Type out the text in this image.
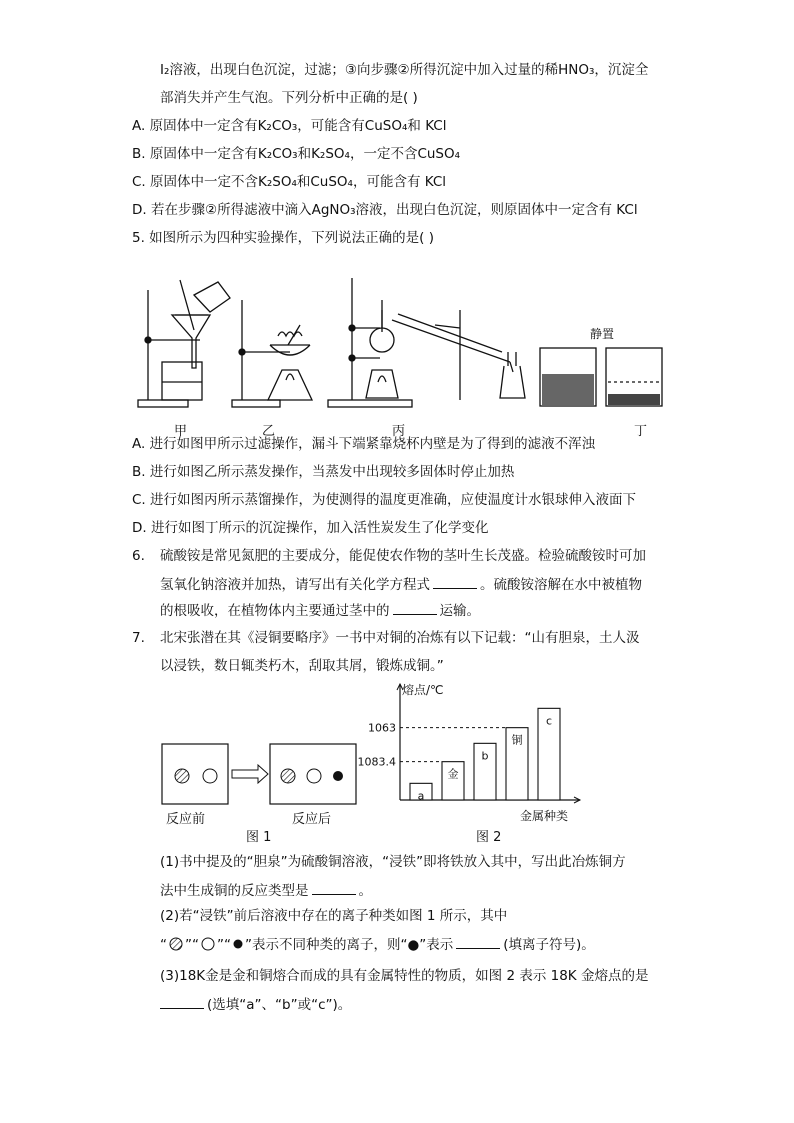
I₂溶液，出现白色沉淀，过滤；③向步骤②所得沉淀中加入过量的稀HNO₃，沉淀全
部消失并产生气泡。下列分析中正确的是( )
A. 原固体中一定含有K₂CO₃，可能含有CuSO₄和 KCl
B. 原固体中一定含有K₂CO₃和K₂SO₄，一定不含CuSO₄
C. 原固体中一定不含K₂SO₄和CuSO₄，可能含有 KCl
D. 若在步骤②所得滤液中滴入AgNO₃溶液，出现白色沉淀，则原固体中一定含有 KCl
5. 如图所示为四种实验操作，下列说法正确的是( )
静置
甲	乙	丙	丁
A. 进行如图甲所示过滤操作，漏斗下端紧靠烧杯内壁是为了得到的滤液不浑浊
B. 进行如图乙所示蒸发操作，当蒸发中出现较多固体时停止加热
C. 进行如图丙所示蒸馏操作，为使测得的温度更准确，应使温度计水银球伸入液面下
D. 进行如图丁所示的沉淀操作，加入活性炭发生了化学变化
6. 硫酸铵是常见氮肥的主要成分，能促使农作物的茎叶生长茂盛。检验硫酸铵时可加
氢氧化钠溶液并加热，请写出有关化学方程式	。硫酸铵溶解在水中被植物
的根吸收，在植物体内主要通过茎中的	运输。
7. 北宋张潜在其《浸铜要略序》一书中对铜的冶炼有以下记载：“山有胆泉，土人汲
以浸铁，数日辄类朽木，刮取其屑，锻炼成铜。”
反应前	反应后
图 1
熔点/℃
金属种类
1083.4
1063
a
金
b
铜
c
图 2
(1)书中提及的“胆泉”为硫酸铜溶液，“浸铁”即将铁放入其中，写出此冶炼铜方
法中生成铜的反应类型是	。
(2)若“浸铁”前后溶液中存在的离子种类如图 1 所示，其中
“ ”“ ”“ ”表示不同种类的离子，则“●”表示	(填离子符号)。
(3)18K金是金和铜熔合而成的具有金属特性的物质，如图 2 表示 18K 金熔点的是
(选填“a”、“b”或“c”)。
